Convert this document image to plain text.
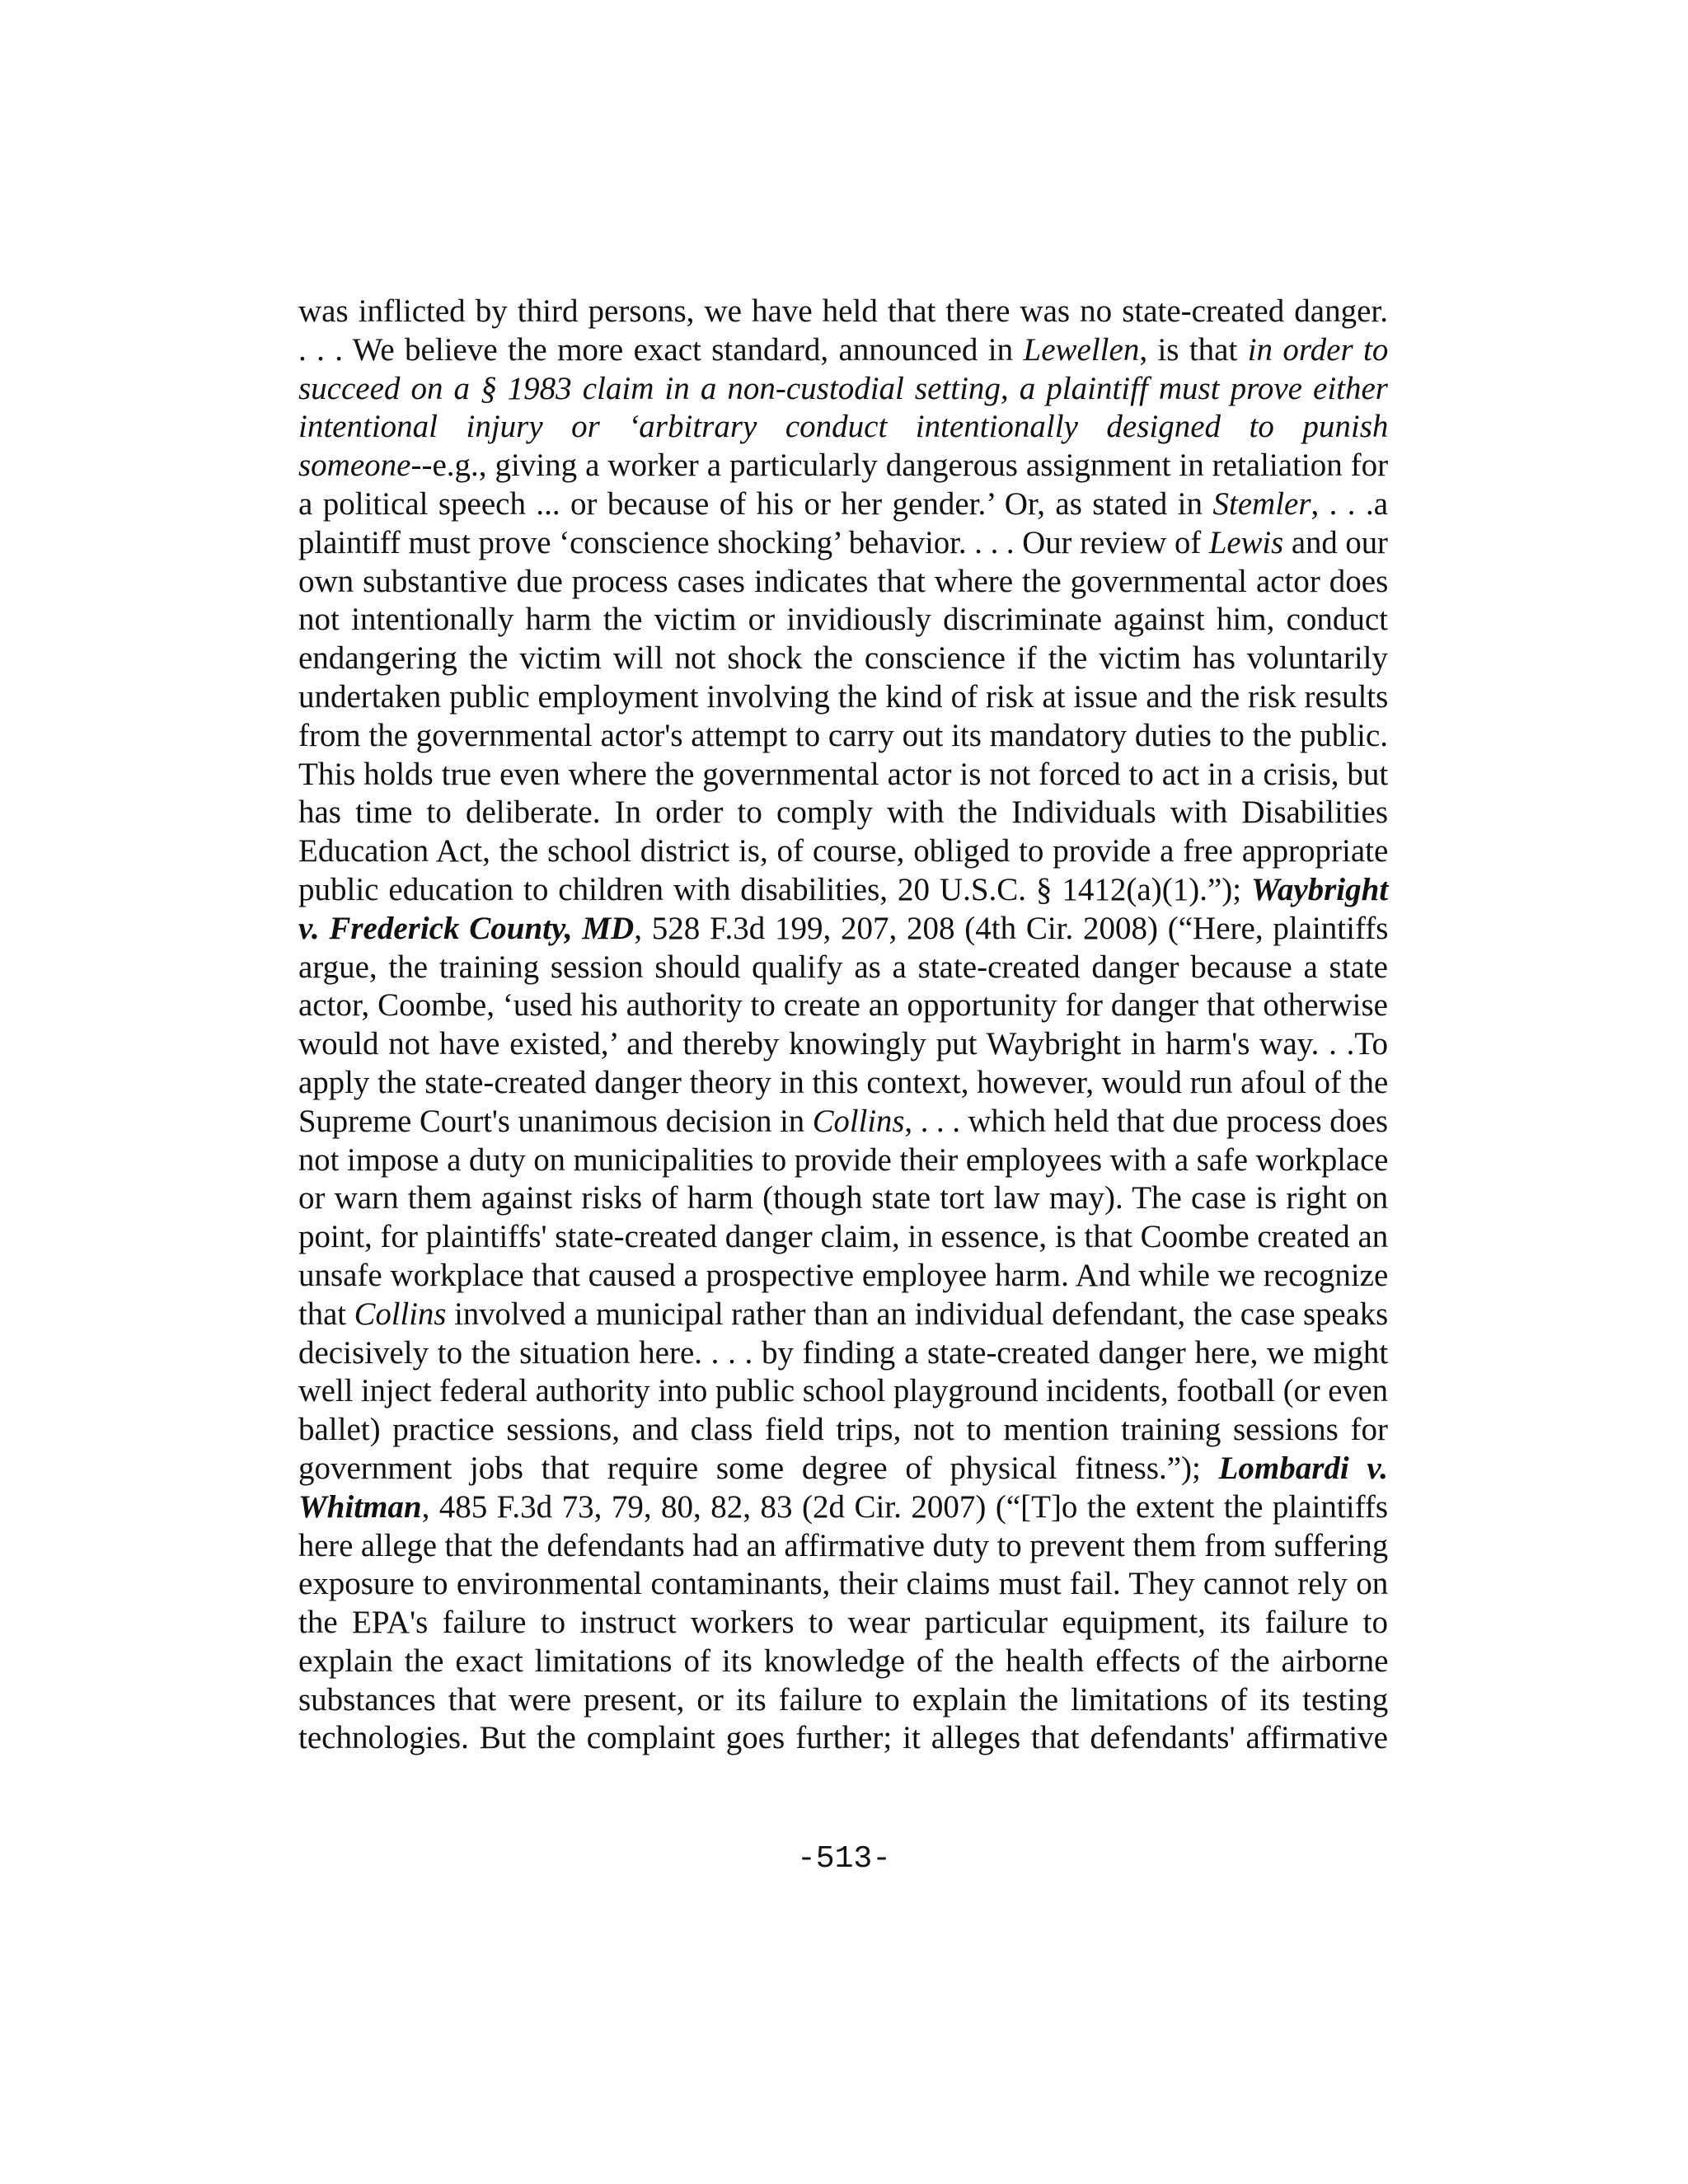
was inflicted by third persons, we have held that there was no state-created danger.
. . . We believe the more exact standard, announced in Lewellen, is that in order to
succeed on a § 1983 claim in a non-custodial setting, a plaintiff must prove either
intentional injury or ‘arbitrary conduct intentionally designed to punish
someone--e.g., giving a worker a particularly dangerous assignment in retaliation for
a political speech ... or because of his or her gender.’ Or, as stated in Stemler, . . .a
plaintiff must prove ‘conscience shocking’ behavior. . . . Our review of Lewis and our
own substantive due process cases indicates that where the governmental actor does
not intentionally harm the victim or invidiously discriminate against him, conduct
endangering the victim will not shock the conscience if the victim has voluntarily
undertaken public employment involving the kind of risk at issue and the risk results
from the governmental actor's attempt to carry out its mandatory duties to the public.
This holds true even where the governmental actor is not forced to act in a crisis, but
has time to deliberate. In order to comply with the Individuals with Disabilities
Education Act, the school district is, of course, obliged to provide a free appropriate
public education to children with disabilities, 20 U.S.C. § 1412(a)(1).”); Waybright
v. Frederick County, MD, 528 F.3d 199, 207, 208 (4th Cir. 2008) (“Here, plaintiffs
argue, the training session should qualify as a state-created danger because a state
actor, Coombe, ‘used his authority to create an opportunity for danger that otherwise
would not have existed,’ and thereby knowingly put Waybright in harm's way. . .To
apply the state-created danger theory in this context, however, would run afoul of the
Supreme Court's unanimous decision in Collins, . . . which held that due process does
not impose a duty on municipalities to provide their employees with a safe workplace
or warn them against risks of harm (though state tort law may). The case is right on
point, for plaintiffs' state-created danger claim, in essence, is that Coombe created an
unsafe workplace that caused a prospective employee harm. And while we recognize
that Collins involved a municipal rather than an individual defendant, the case speaks
decisively to the situation here. . . . by finding a state-created danger here, we might
well inject federal authority into public school playground incidents, football (or even
ballet) practice sessions, and class field trips, not to mention training sessions for
government jobs that require some degree of physical fitness.”); Lombardi v.
Whitman, 485 F.3d 73, 79, 80, 82, 83 (2d Cir. 2007) (“[T]o the extent the plaintiffs
here allege that the defendants had an affirmative duty to prevent them from suffering
exposure to environmental contaminants, their claims must fail. They cannot rely on
the EPA's failure to instruct workers to wear particular equipment, its failure to
explain the exact limitations of its knowledge of the health effects of the airborne
substances that were present, or its failure to explain the limitations of its testing
technologies. But the complaint goes further; it alleges that defendants' affirmative
-513-
